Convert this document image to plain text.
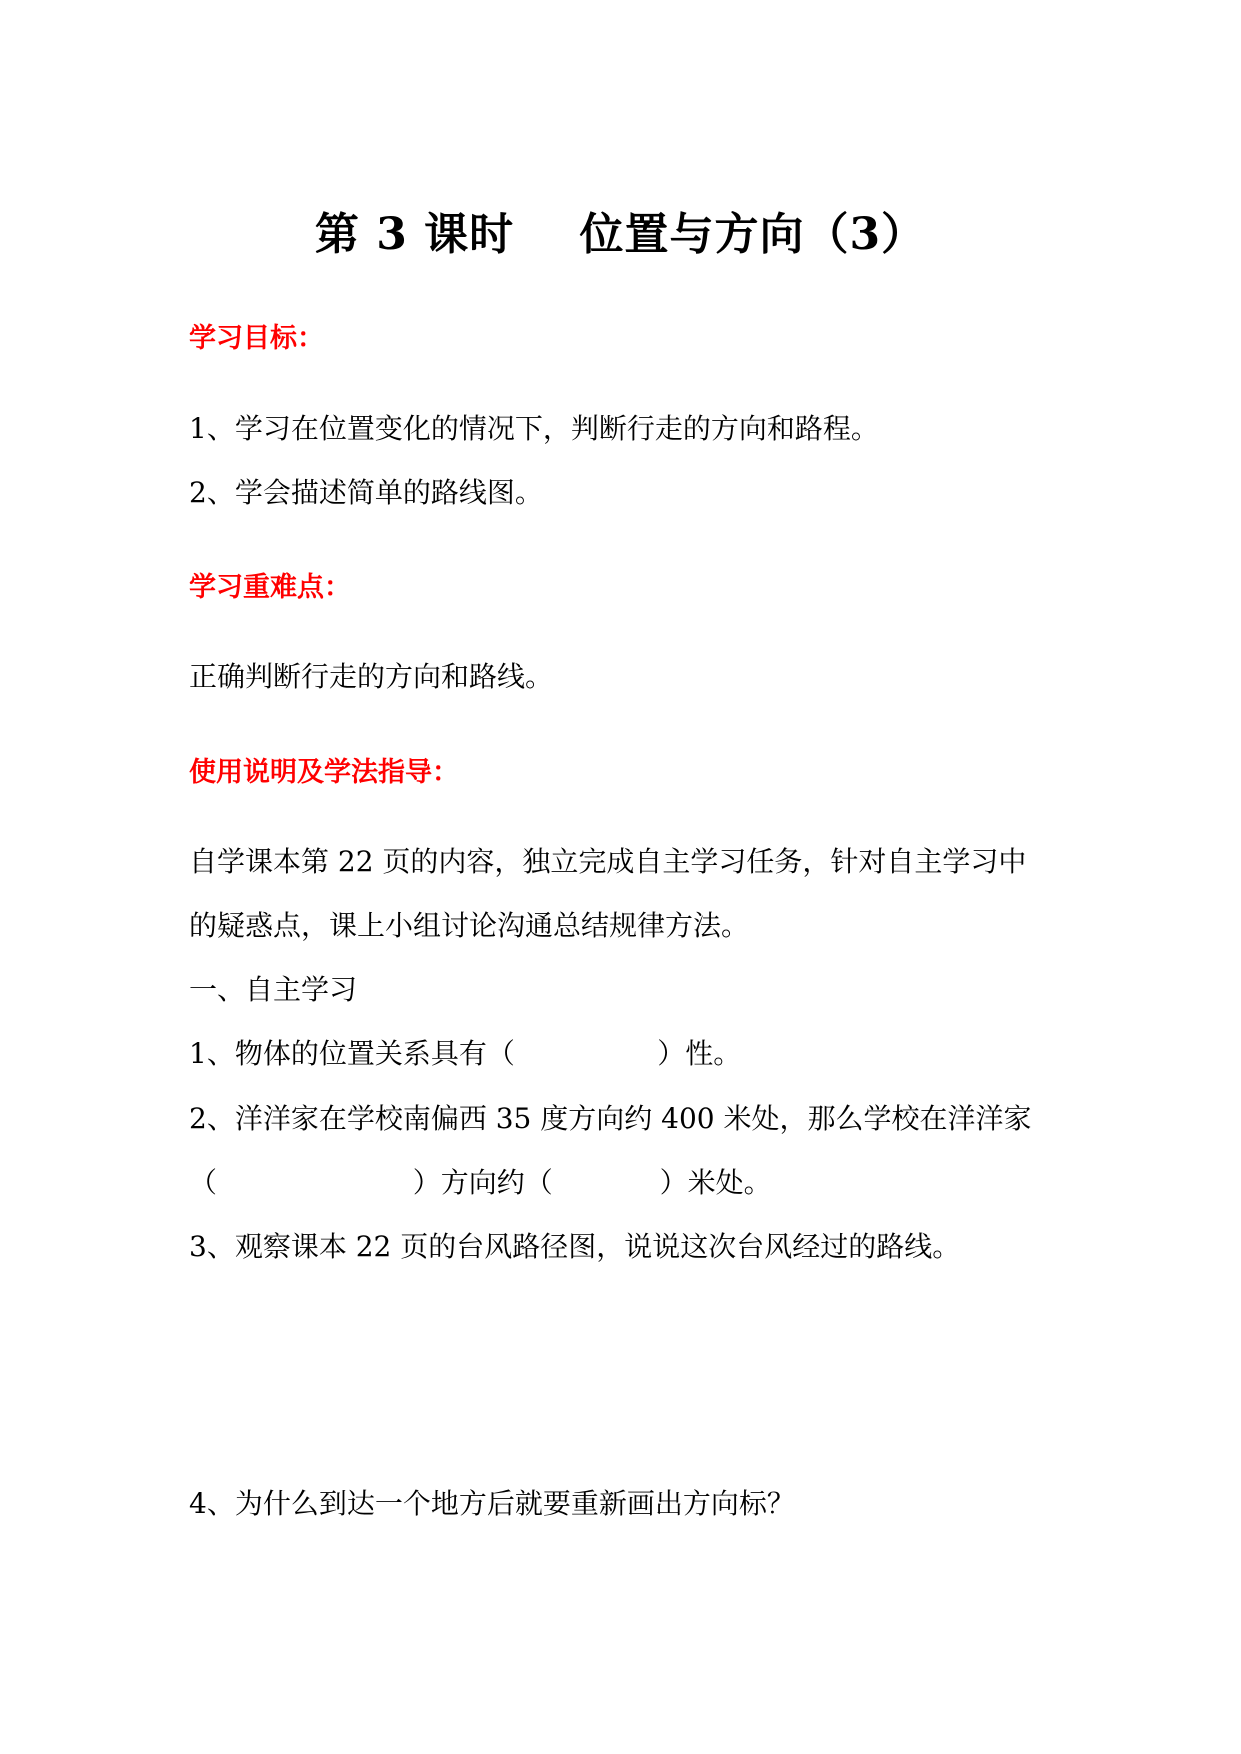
第 3 课时    位置与方向（3）
学习目标：
1、学习在位置变化的情况下，判断行走的方向和路程。
2、学会描述简单的路线图。
学习重难点：
正确判断行走的方向和路线。
使用说明及学法指导：
自学课本第 22 页的内容，独立完成自主学习任务，针对自主学习中
的疑惑点，课上小组讨论沟通总结规律方法。
一、自主学习
1、物体的位置关系具有（                ）性。
2、洋洋家在学校南偏西 35 度方向约 400 米处，那么学校在洋洋家
（                      ）方向约（            ）米处。
3、观察课本 22 页的台风路径图，说说这次台风经过的路线。
4、为什么到达一个地方后就要重新画出方向标？
